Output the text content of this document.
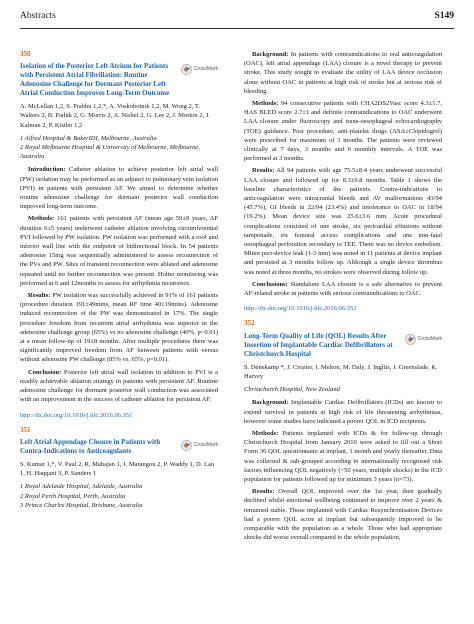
Abstracts	S149
350
Isolation of the Posterior Left Atrium for Patients with Persistent Atrial Fibrillation: Routine Adenosine Challenge for Dormant Posterior Left Atrial Conduction Improves Long-Term Outcome
CrossMark
A. McLellan 1,2, S. Prabhu 1,2,*, A. Voskoboinik 1,2, M. Wong 2, T. Walters 2, B. Pathik 2, G. Morris 2, A. Nisbet 2, G. Lee 2, J. Morton 2, J. Kalman 2, P. Kistler 1,2
1 Alfred Hospital & BakerIDI, Melbourne, Australia
2 Royal Melbourne Hospital & University of Melbourne, Melbourne, Australia

Introduction: Catheter ablation to achieve posterior left atrial wall (PW) isolation may be performed as an adjunct to pulmonary vein isolation (PVI) in patients with persistent AF. We aimed to determine whether routine adenosine challenge for dormant posterior wall conduction improved long-term outcome.

Methods: 161 patients with persistent AF (mean age 59±9 years, AF duration 6±5 years) underwent catheter ablation involving circumferential PVI followed by PW isolation. PW isolation was performed with a roof and inferior wall line with the endpoint of bidirectional block. In 54 patients adenosine 15mg was sequentially administered to assess reconnection of the PVs and PW. Sites of transient reconnection were ablated and adenosine repeated until no further reconnection was present. Holter monitoring was performed at 6 and 12months to assess for arrhythmia recurrence.

Results: PW isolation was successfully achieved in 91% of 161 patients (procedure duration 191±49mins, mean RF time 40±19mins). Adenosine induced reconnection of the PW was demonstrated in 17%. The single procedure freedom from recurrent atrial arrhythmia was superior in the adenosine challenge group (65%) vs no adenosine challenge (40%, p<0.01) at a mean follow-up of 19±8 months. After multiple procedures there was significantly improved freedom from AF between patients with versus without adenosine PW challenge (85% vs. 65%, p=0.01).

Conclusion: Posterior left atrial wall isolation in addition to PVI is a readily achievable ablation strategy in patients with persistent AF. Routine adenosine challenge for dormant posterior wall conduction was associated with an improvement in the success of catheter ablation for persistent AF.

http://dx.doi.org/10.1016/j.hlc.2016.06.351
351
Left Atrial Appendage Closure in Patients with Contra-Indications to Anticoagulants
CrossMark
S. Kumar 1,*, V. Paul 2, R. Mahajan 1, J. Marangou 2, P. Waddy 1, D. Lau 1, H. Haqqani 3, P. Sanders 1
1 Royal Adelaide Hospital, Adelaide, Australia
2 Royal Perth Hospital, Perth, Australia
3 Prince Charles Hospital, Brisbane, Australia

Background: In patients with contraindications to oral anticoagulation (OAC), left atrial appendage (LAA) closure is a novel therapy to prevent stroke. This study sought to evaluate the utility of LAA device occlusion alone without OAC in patients at high risk of stroke but at serious risk of bleeding.

Methods: 94 consecutive patients with CHA2DS2Vasc score 4.3±1.7, HAS BLED score 2.7±1 and definite contraindications to OAC underwent LAA closure under fluoroscopy and trans-oesophageal echocardiography (TOE) guidance. Post procedure, anti-platelet drugs (ASA±Clopidogrel) were prescribed for maximum of 3 months. The patients were reviewed clinically at 7 days, 3 months and 6 monthly intervals. A TOE was performed at 3 months.

Results: All 94 patients with age 75.5±8.4 years underwent successful LAA closure and followed up for 8.3±9.8 months. Table 1 shows the baseline characteristics of the patients. Contra-indications to anticoagulation were intracranial bleeds and AV malformations 43/94 (45.7%), GI bleeds in 22/94 (23.4%) and intolerance to OAC in 18/94 (19.2%). Mean device size was 25.6±3.6 mm. Acute procedural complications consisted of one stroke, six pericardial effusions without tamponade, six femoral access complications and one non-fatal oesophageal perforation secondary to TEE. There was no device embolism. Minor peri-device leak (1-3 mm) was noted in 11 patients at device implant and persisted at 3 months follow up. Although a single device thrombus was noted at three months, no strokes were observed during follow up.

Conclusions: Standalone LAA closure is a safe alternative to prevent AF-related stroke in patients with serious contraindications to OAC.

http://dx.doi.org/10.1016/j.hlc.2016.06.352
352
Long-Term Quality of Life (QOL) Results After Insertion of Implantable Cardiac Defibrillators at Christchurch Hospital
CrossMark
S. Denekamp *, J. Crozier, I. Melton, M. Daly, J. Ingliis, J. Greenslade, K. Harvey
Christchurch Hospital, New Zealand

Background: Implantable Cardiac Defibrillators (ICDs) are known to extend survival in patients at high risk of life threatening arrhythmias, however some studies have indicated a poorer QOL in ICD recipients.

Methods: Patients implanted with ICDs & for follow-up through Christchurch Hospital from January 2010 were asked to fill out a Short Form 36 QOL questionnaire at implant, 1 month and yearly thereafter. Data was collected & sub-grouped according to internationally recognised risk factors influencing QOL negatively (<50 years, multiple shocks) in the ICD population for patients followed up for minimum 3 years (n=73).

Results: Overall QOL improved over the 1st year, then gradually declined whilst emotional wellbeing continued to improve over 2 years & remained stable. Those implanted with Cardiac Resynchronisation Devices had a poorer QOL score at implant but subsequently improved to be comparable with the population as a whole. Those who had appropriate shocks did worse overall compared to the whole population,
